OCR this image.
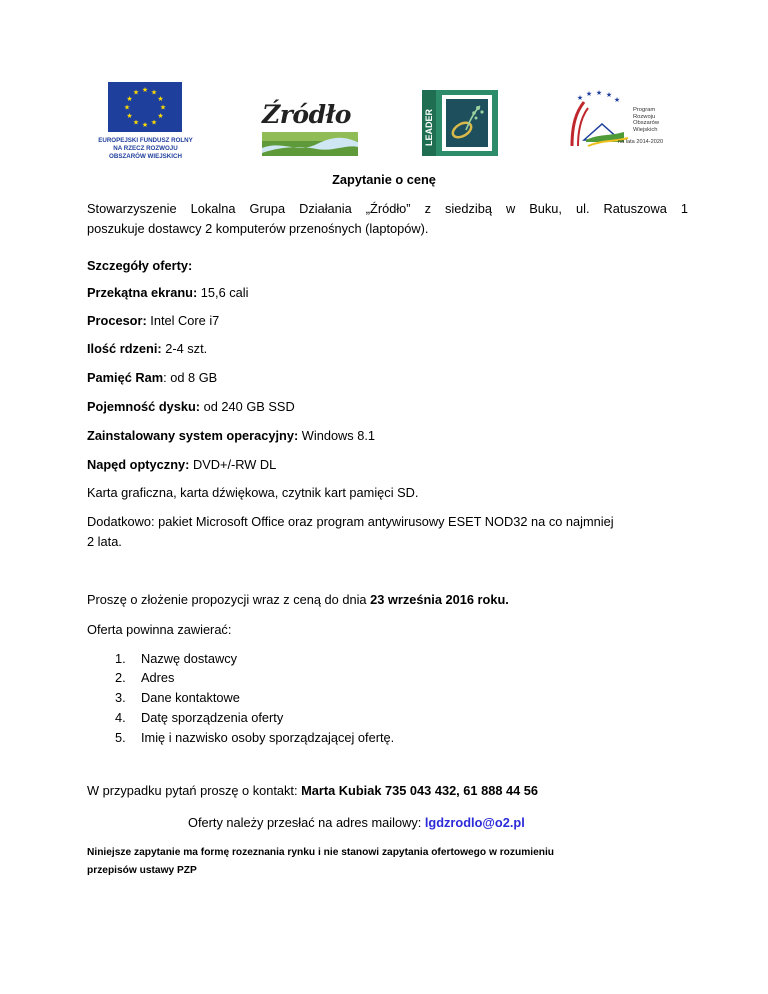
★ ★
★
★
★
★
★
★
★
★
★
★
EUROPEJSKI FUNDUSZ ROLNY
NA RZECZ ROZWOJU
OBSZARÓW WIEJSKICH
Źródło	LEADER
★ ★ ★ ★
★
Program
Rozwoju
Obszarów
Wiejskich
na lata 2014-2020
Zapytanie o cenę
Stowarzyszenie Lokalna Grupa Działania „Źródło” z siedzibą w Buku, ul. Ratuszowa 1
poszukuje dostawcy 2 komputerów przenośnych (laptopów).
Szczegóły oferty:
Przekątna ekranu: 15,6 cali
Procesor: Intel Core i7
Ilość rdzeni: 2-4 szt.
Pamięć Ram: od 8 GB
Pojemność dysku: od 240 GB SSD
Zainstalowany system operacyjny: Windows 8.1
Napęd optyczny: DVD+/-RW DL
Karta graficzna, karta dźwiękowa, czytnik kart pamięci SD.
Dodatkowo: pakiet Microsoft Office oraz program antywirusowy ESET NOD32 na co najmniej
2 lata.
Proszę o złożenie propozycji wraz z ceną do dnia 23 września 2016 roku.
Oferta powinna zawierać:
1. Nazwę dostawcy
2. Adres
3. Dane kontaktowe
4. Datę sporządzenia oferty
5. Imię i nazwisko osoby sporządzającej ofertę.
W przypadku pytań proszę o kontakt: Marta Kubiak 735 043 432, 61 888 44 56
Oferty należy przesłać na adres mailowy: lgdzrodlo@o2.pl
Niniejsze zapytanie ma formę rozeznania rynku i nie stanowi zapytania ofertowego w rozumieniu
przepisów ustawy PZP
